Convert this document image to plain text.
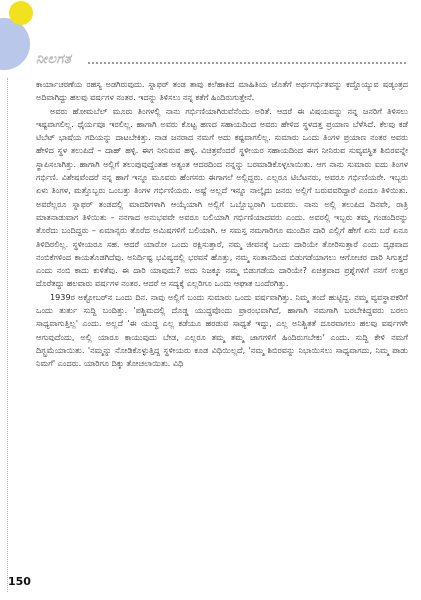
ನೀಲಗತ

ಕಾರ್ಯಾಚರಣೆಯ ರಹಸ್ಯ ಅಡಗಿರುವುದು. ಸ್ನಾಫರ್ ತಂಡ ತಾವು ಕಲೆಹಾಕಿದ ಮಾಹಿತಿಯ ಜೊತೆಗೆ ಅರ್ಥಗರ್ಭಿತವನ್ನು ಕದ್ದೊಯ್ಯುವ ಷಡ್ಯಂತ್ರದ ಅದಿವಾಗಿದ್ದು ಹಲವು ವರ್ಷಗಳ ನಂತರ. ಇದನ್ನು ತಿಳಿಸಲು ನನ್ನ ಕತೆಗೆ ಹಿಂದಿರುಗುತ್ತೇನೆ.

ಅವರು ಹೋಮಬೆಲ್ ಮೂರು ತಿಂಗಳಲ್ಲಿ ನಾನು ಗರ್ಭಿಣಿಯಾಗಿರುವೆನೆಂದು ಅರಿತೆ. ಆದರೆ ಈ ವಿಷಯವನ್ನು ನನ್ನ ಜನರಿಗೆ ತಿಳಿಸಲು ಇಷ್ಟವಾಗಲಿಲ್ಲ. ಧೈರ್ಯವೂ ಇರಲಿಲ್ಲ. ಹಾಗಾಗಿ ಅವರು ಕೊಟ್ಟ ಹಣದ ಸಹಾಯದಿಂದ ಅವರು ಹೇಳಿದ ಸ್ಥಳದತ್ತ ಪ್ರಯಾಣ ಬೆಳೆಸಿದೆ. ಕೆಲವು ಕಡೆ ಟಿಬೆಟ್ ಭಾಷೆಯ ಗದಿಯನ್ನು ದಾಟಬೇಕಿತ್ತು. ನಾಡ ಜನರಾದ ನಮಗೆ ಅದು ಕಷ್ಟವಾಗಲಿಲ್ಲ. ಸುಮಾರು ಒಂದು ತಿಂಗಳ ಪ್ರಯಾಣ ನಂತರ ಅವರು ಹೇಳಿದ ಸ್ಥಳ ತಲುಪಿದೆ – ದಾಹ್ ಹಳ್ಳಿ. ಈಗ ನೀನಿರುವ ಹಳ್ಳಿ. ವಿಚಿತ್ರವೆಂದರೆ ಸ್ಥಳೀಯರ ಸಹಾಯದಿಂದ ಈಗ ನೀನಿರುವ ಸುವ್ಯವಸ್ಥಿತ ಶಿಬಿರವನ್ನೇ ಸ್ಥಾಪಿಸಲಾಗಿತ್ತು. ಹಾಗಾಗಿ ಅಲ್ಲಿಗೆ ತಲುಪುವುದ್ದೆಂತಹ ಅತ್ಯಂತ ಆದರದಿಂದ ನನ್ನನ್ನು ಬರಮಾಡಿಕೊಳ್ಳಲಾಯಿತು. ಆಗ ನಾನು ಸುಮಾರು ಐದು ತಿಂಗಳ ಗರ್ಭಿಣಿ. ವಿಶೇಷವೆಂದರೆ ನನ್ನ ಹಾಗೆ ಇನ್ನೂ ಮೂವರು ಹೆಂಗಸರು ಈಗಾಗಲೆ ಅಲ್ಲಿದ್ದರು. ಎಲ್ಲರೂ ಟಿಬೆಟನರು, ಅವರೂ ಗರ್ಭಿಣಿಯರೇ. ಇಬ್ಬರು ಏಳು ತಿಂಗಳ, ಮತ್ತೊಬ್ಬರು ಒಂಬತ್ತು ತಿಂಗಳ ಗರ್ಭಿಣಿಯರು. ಅಷ್ಟೆ ಅಲ್ಲದೆ ಇನ್ನೂ ನಾಲ್ಕೈದು ಜನರು ಅಲ್ಲಿಗೆ ಬರುವವರಿದ್ದಾರೆ ಎಂದೂ ತಿಳಿಯಿತು. ಅವರೆಲ್ಲರೂ ಸ್ನಾಫರ್ ತಂಡದಲ್ಲಿ ಮಾದರಿಗಳಾಗಿ ಆಯ್ಕೆಯಾಗಿ ಅಲ್ಲಿಗೆ ಒಬ್ಬೊಬ್ಬರಾಗಿ ಬರುವರು. ನಾನು ಅಲ್ಲಿ ತಲುಪಿದ ದಿನವೇ, ರಾತ್ರಿ ಮಾತನಾಡುವಾಗ ತಿಳಿಯಿತು – ನನಗಾದ ಅನುಭವವೇ ಅವರೂ ಬಲಿಯಾಗಿ ಗರ್ಭಿಣಿಯಾದವರು ಎಂದು. ಅವರಲ್ಲಿ ಇಬ್ಬರು ತಮ್ಮ ಗಂಡಂದಿರನ್ನು ತೊರೆದು ಬಂದಿದ್ದರು – ಏಮಾನ್ಸರು ತೊರೆದ ಅಮಿಷಗಳಿಗೆ ಬಲಿಯಾಗಿ. ಆ ಸಮಸ್ತ ನಮಗಾರಿಗೂ ಮುಂದಿನ ದಾರಿ ಎಲ್ಲಿಗೆ ಹೇಗೆ ಏನು ಬರೆ ಏನೂ ತಿಳಿದಿರಲಿಲ್ಲ. ಸ್ಥಳೀಯರೂ ಸಹ. ಆದರೆ ಯಾರೋ ಒಂದು ರಕ್ಷಿಸುತ್ತಾರೆ, ನಮ್ಮ ಜೀವನಕ್ಕೆ ಒಂದು ದಾರಿಯೇ ತೋರಿಸುತ್ತಾರೆ ಎಂದು ದೃಢವಾದ ನಂಬಿಕೆಗಳಿಂದ ಕಾಯತೊಡಗಿದೆವು. ಅನಿರ್ದಿಷ್ಟ ಭವಿಷ್ಯದಲ್ಲಿ ಭರವಸೆ ಹೊತ್ತು, ನಮ್ಮ ಸಂತಾನದಿಂದ ಬಿಡುಗಡೆಯಾಗಲು ಆಗೋಚರ ದಾರಿ ಸಿಗುತ್ತದೆ ಎಂದು ನಂಬಿ ಕಾದು ಕುಳಿತೆವು. ಈ ದಾರಿ ಯಾವುದು? ಅದು ನಿಜಕ್ಕೂ ನಮ್ಮ ಬಿಡುಗಡೆಯ ದಾರಿಯೇ? ಏಚಿತ್ರವಾದ ಪ್ರಶ್ನೆಗಳಿಗೆ ನನಗೆ ಉತ್ತರ ದೊರೆತದ್ದು ಹಲವಾರು ವರ್ಷಗಳ ನಂತರ. ಆದರೆ ಆ ಸದ್ಯಕ್ಕೆ ಎಲ್ಲರಿಗೂ ಒಂದು ಆಘಾತ ಬಂದೆರಗಿತ್ತು.

1939ರ ಅಕ್ಟೋಬರ್‌ನ ಒಂದು ದಿನ. ನಾವು ಅಲ್ಲಿಗೆ ಬಂದು ಸುಮಾರು ಒಂದು ವರ್ಷವಾಗಿತ್ತು. ನಿಮ್ಮ ತಂದೆ ಹುಟ್ಟಿದ್ದ. ನಮ್ಮ ವ್ಯವಸ್ಥಾಪಕರಿಗೆ ಒಂದು ತುರ್ತು ಸುದ್ದಿ ಬಂದಿತ್ತು. 'ಪಶ್ಚಿಮದಲ್ಲಿ ದೊಡ್ಡ ಯುದ್ಧವೊಂದು ಪ್ರಾರಂಭವಾಗಿದೆ, ಹಾಗಾಗಿ ನಮಗಾಗಿ ಬರಬೇಕಿದ್ದವರು ಬರಲು ಸಾಧ್ಯವಾಗುತ್ತಿಲ್ಲ' ಎಂದು. ಅಲ್ಲದೆ 'ಈ ಯುದ್ಧ ಎಲ್ಲ ಕಡೆಯೂ ಹರಡುವ ಸಾಧ್ಯತೆ ಇದ್ದು, ಎಲ್ಲ ಅನಿಶ್ಚಿತತೆ ದೂರವಾಗಲು ಹಲವು ವರ್ಷಗಳೇ ಆಗುವುದೆಂದು, ಅಲ್ಲಿ ಯಾರೂ ಕಾಯುವುದು ಬೇಡ, ಎಲ್ಲರೂ ತಮ್ಮ ತಮ್ಮ ಜಾಗಗಳಿಗೆ ಹಿಂದಿರುಗಬೇಕು' ಎಂದು. ಸುದ್ದಿ ಕೇಳಿ ನಮಗೆ ದಿಗ್ಬ್ರಮೆಯಾಯಿತು. 'ನಮ್ಮನ್ನು ನೋಡಿಕೊಳ್ಳುತ್ತಿದ್ದ ಸ್ಥಳೀಯರು ಕೂಡ ವಿಧಿಯಿಲ್ಲದೆ, 'ನಮ್ಮ ಶಿಬಿರವನ್ನು ನಿಭಾಯಿಸಲು ಸಾಧ್ಯವಾಗದು, ನಿಮ್ಮ ಪಾಡು ನಿಮಗೆ' ಎಂದರು. ಯಾರಿಗೂ ದಿಕ್ಕು ತೋಚಲಾಯಿತು. ವಿಧಿ

150
